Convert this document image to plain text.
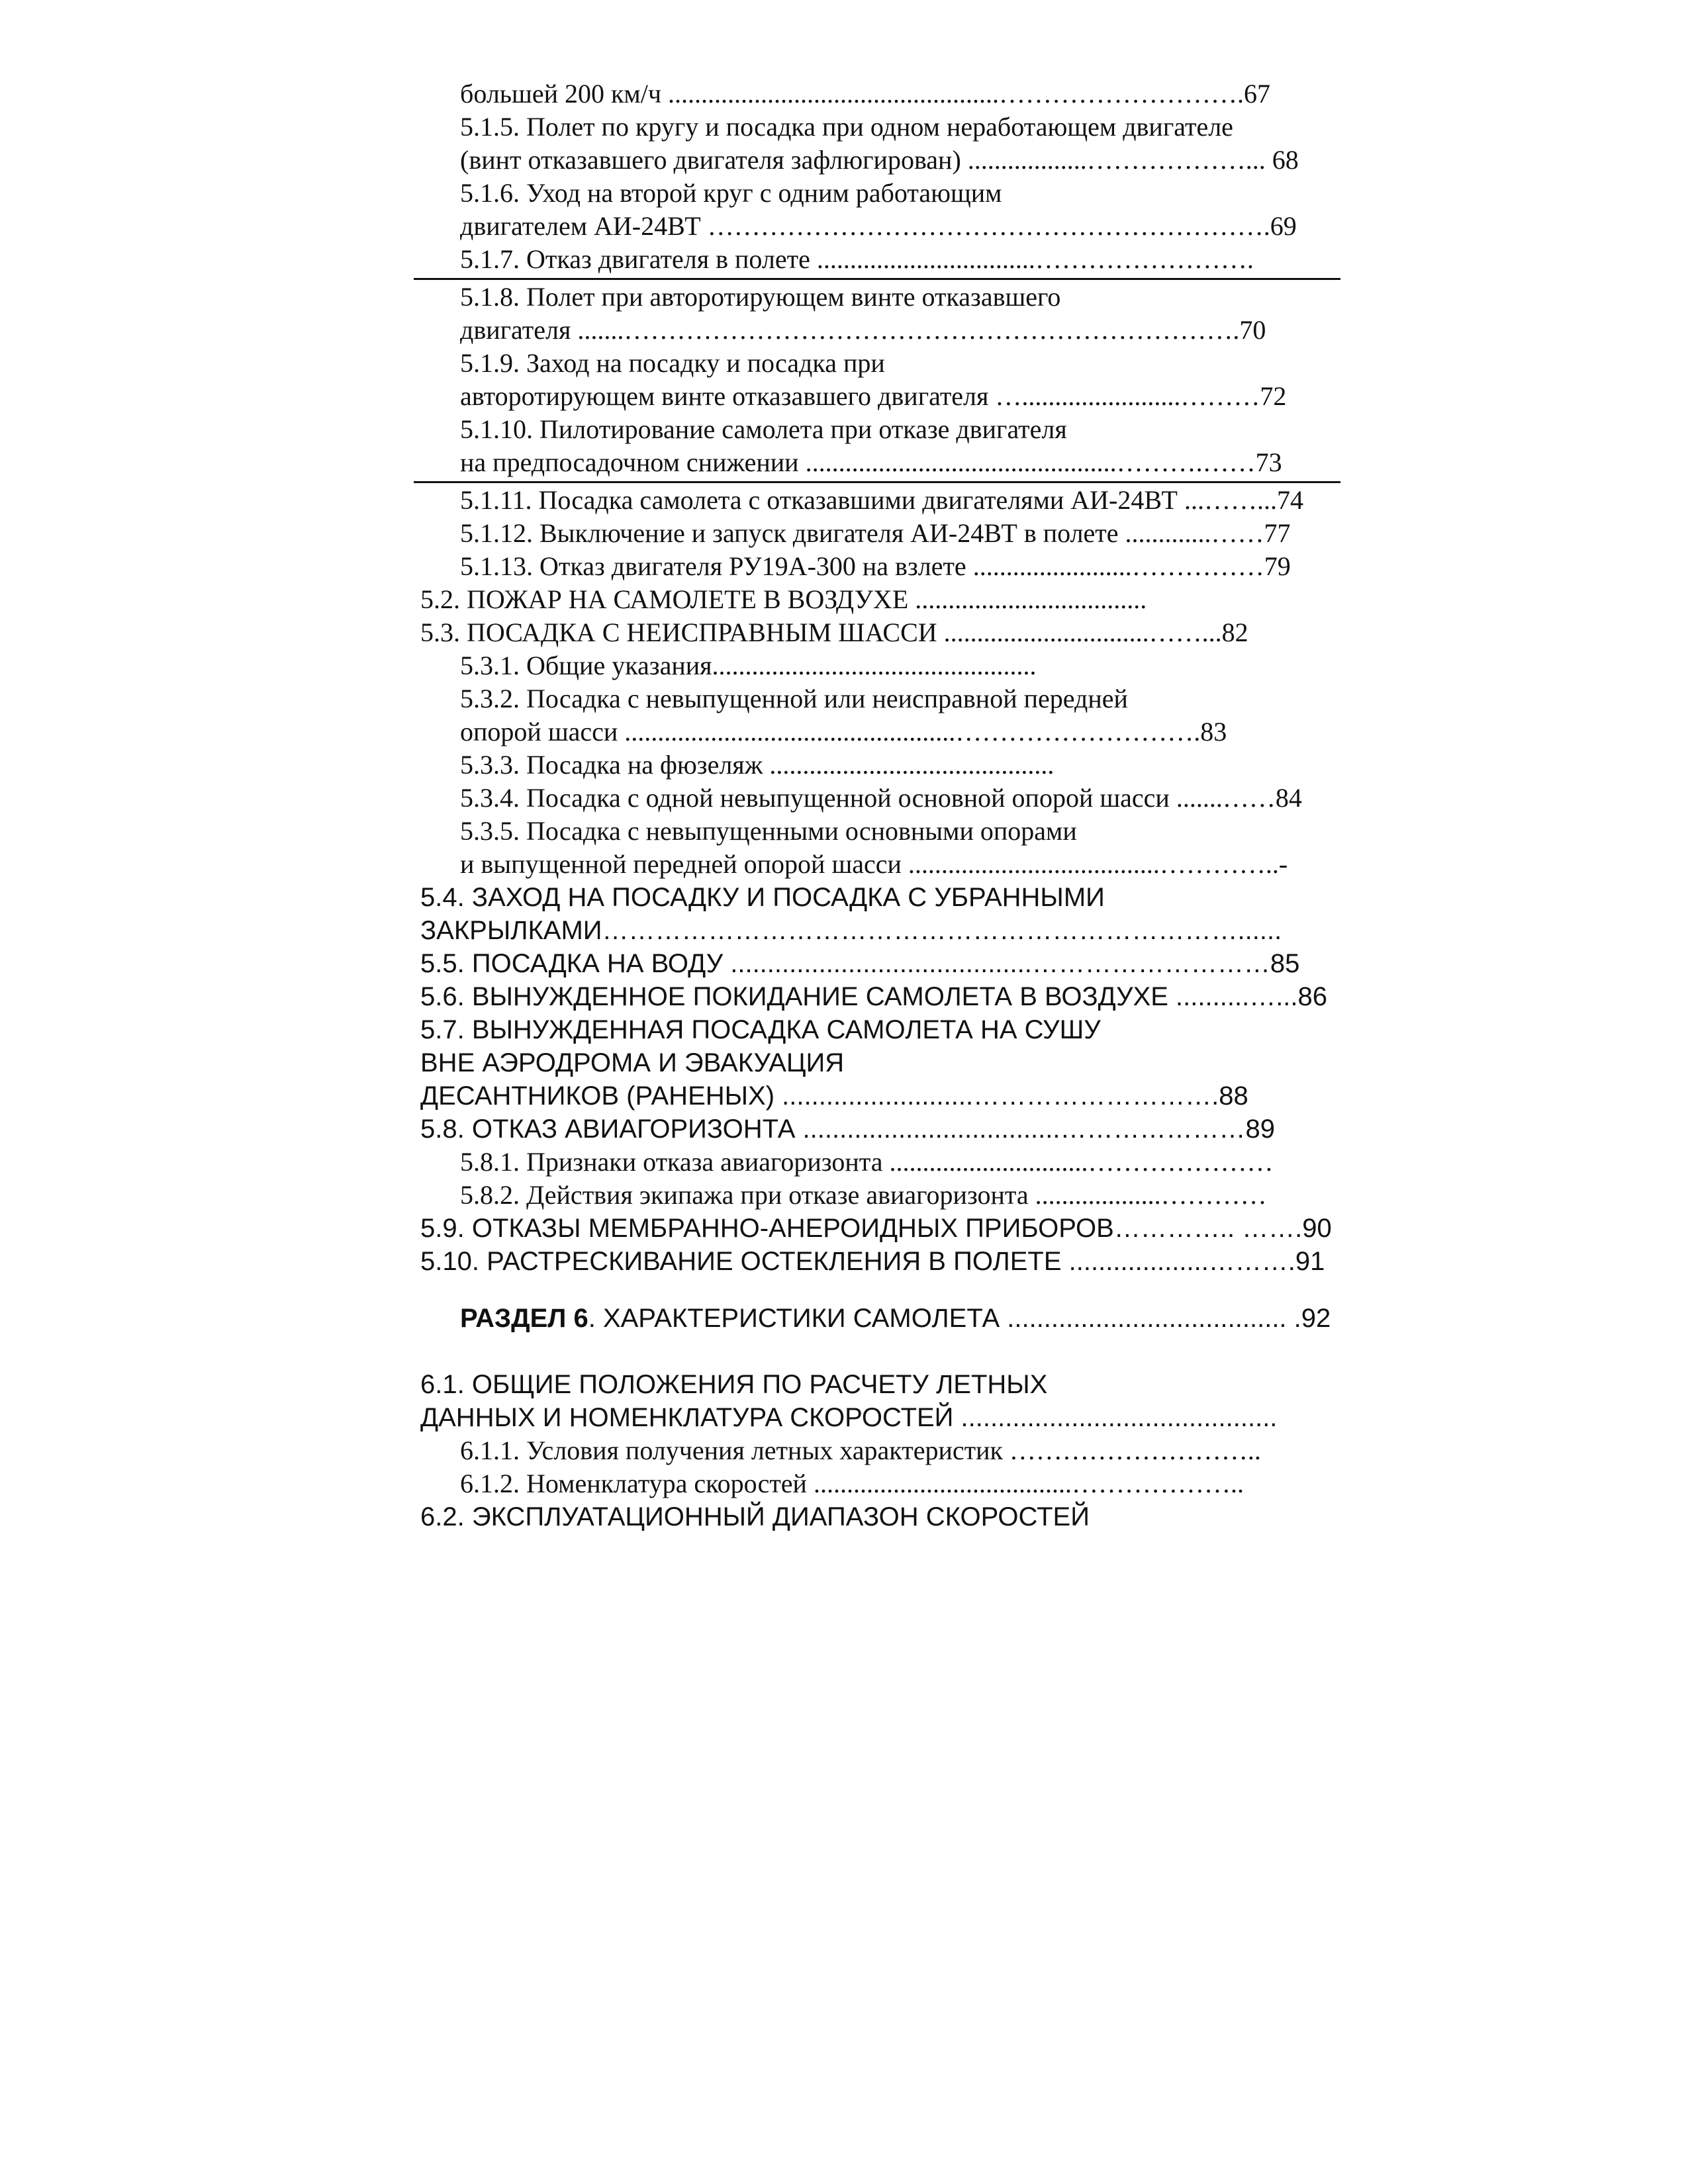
большей 200 км/ч ..................................................……………………….67
5.1.5. Полет по кругу и посадка при одном неработающем двигателе
(винт отказавшего двигателя зафлюгирован) ..................………………... 68
5.1.6. Уход на второй круг с одним работающим
двигателем АИ-24ВТ ……………………………………………………….69
5.1.7. Отказ двигателя в полете .................................…………………….
5.1.8. Полет при авторотирующем винте отказавшего
двигателя .......…………………………………………………………….70
5.1.9. Заход на посадку и посадка при
авторотирующем винте отказавшего двигателя …........................………72
5.1.10. Пилотирование самолета при отказе двигателя
на предпосадочном снижении ...............................................……….……73
5.1.11. Посадка самолета с отказавшими двигателями АИ-24ВТ ...……...74
5.1.12. Выключение и запуск двигателя АИ-24ВТ в полете .............……77
5.1.13. Отказ двигателя РУ19А-300 на взлете ........................……………79
5.2. ПОЖАР НА САМОЛЕТЕ В ВОЗДУХЕ ...................................
5.3. ПОСАДКА С НЕИСПРАВНЫМ ШАССИ ...............................……...82
5.3.1. Общие указания.................................................
5.3.2. Посадка с невыпущенной или неисправной передней
опорой шасси ..................................................……………………….83
5.3.3. Посадка на фюзеляж ...........................................
5.3.4. Посадка с одной невыпущенной основной опорой шасси .......……84
5.3.5. Посадка с невыпущенными основными опорами
и выпущенной передней опорой шасси ......................................…………..-
5.4. ЗАХОД НА ПОСАДКУ И ПОСАДКА С УБРАННЫМИ
ЗАКРЫЛКАМИ………………………………………………………………......
5.5. ПОСАДКА НА ВОДУ .........................................………………………85
5.6. ВЫНУЖДЕННОЕ ПОКИДАНИЕ САМОЛЕТА В ВОЗДУХЕ ..........…...86
5.7. ВЫНУЖДЕННАЯ ПОСАДКА САМОЛЕТА НА СУШУ
ВНЕ АЭРОДРОМА И ЭВАКУАЦИЯ
ДЕСАНТНИКОВ (РАНЕНЫХ) ..........................……………………….88
5.8. ОТКАЗ АВИАГОРИЗОНТА ...................................…………………89
5.8.1. Признаки отказа авиагоризонта ..............................…………………
5.8.2. Действия экипажа при отказе авиагоризонта ...................…………
5.9. ОТКАЗЫ МЕМБРАННО-АНЕРОИДНЫХ ПРИБОРОВ………….. …….90
5.10. РАСТРЕСКИВАНИЕ ОСТЕКЛЕНИЯ В ПОЛЕТЕ ...................……….91
РАЗДЕЛ 6. ХАРАКТЕРИСТИКИ САМОЛЕТА ...................................... .92
6.1. ОБЩИЕ ПОЛОЖЕНИЯ ПО РАСЧЕТУ ЛЕТНЫХ
ДАННЫХ И НОМЕНКЛАТУРА СКОРОСТЕЙ ...........................................
6.1.1. Условия получения летных характеристик ………………………..
6.1.2. Номенклатура скоростей .......................................………………..
6.2. ЭКСПЛУАТАЦИОННЫЙ ДИАПАЗОН СКОРОСТЕЙ
